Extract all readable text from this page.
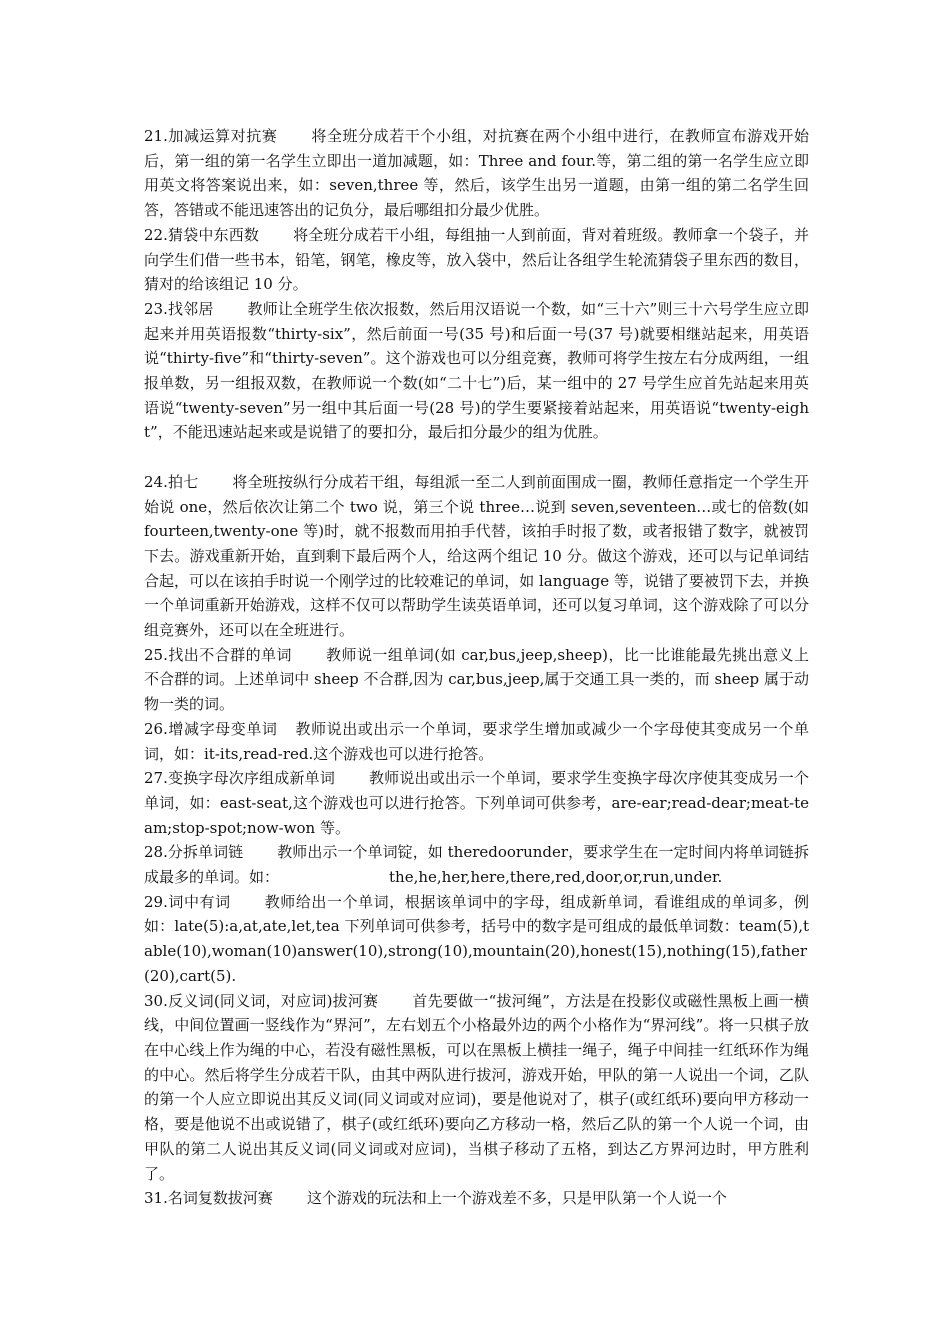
21.加减运算对抗赛 将全班分成若干个小组，对抗赛在两个小组中进行，在教师宣布游戏开始后，第一组的第一名学生立即出一道加减题，如：Three and four.等，第二组的第一名学生应立即用英文将答案说出来，如：seven,three 等，然后，该学生出另一道题，由第一组的第二名学生回答，答错或不能迅速答出的记负分，最后哪组扣分最少优胜。

22.猜袋中东西数 将全班分成若干小组，每组抽一人到前面，背对着班级。教师拿一个袋子，并向学生们借一些书本，铅笔，钢笔，橡皮等，放入袋中，然后让各组学生轮流猜袋子里东西的数目，猜对的给该组记 10 分。

23.找邻居 教师让全班学生依次报数，然后用汉语说一个数，如“三十六”则三十六号学生应立即起来并用英语报数“thirty-six”，然后前面一号(35 号)和后面一号(37 号)就要相继站起来，用英语说“thirty-five”和“thirty-seven”。这个游戏也可以分组竞赛，教师可将学生按左右分成两组，一组报单数，另一组报双数，在教师说一个数(如“二十七”)后，某一组中的 27 号学生应首先站起来用英语说“twenty-seven”另一组中其后面一号(28 号)的学生要紧接着站起来，用英语说“twenty-eight”，不能迅速站起来或是说错了的要扣分，最后扣分最少的组为优胜。

24.拍七 将全班按纵行分成若干组，每组派一至二人到前面围成一圈，教师任意指定一个学生开始说 one，然后依次让第二个 two 说，第三个说 three…说到 seven,seventeen…或七的倍数(如 fourteen,twenty-one 等)时，就不报数而用拍手代替，该拍手时报了数，或者报错了数字，就被罚下去。游戏重新开始，直到剩下最后两个人，给这两个组记 10 分。做这个游戏，还可以与记单词结合起，可以在该拍手时说一个刚学过的比较难记的单词，如 language 等，说错了要被罚下去，并换一个单词重新开始游戏，这样不仅可以帮助学生读英语单词，还可以复习单词，这个游戏除了可以分组竞赛外，还可以在全班进行。

25.找出不合群的单词 教师说一组单词(如 car,bus,jeep,sheep)，比一比谁能最先挑出意义上不合群的词。上述单词中 sheep 不合群,因为 car,bus,jeep,属于交通工具一类的，而 sheep 属于动物一类的词。

26.增减字母变单词 教师说出或出示一个单词，要求学生增加或减少一个字母使其变成另一个单词，如：it-its,read-red.这个游戏也可以进行抢答。

27.变换字母次序组成新单词 教师说出或出示一个单词，要求学生变换字母次序使其变成另一个单词，如：east-seat,这个游戏也可以进行抢答。下列单词可供参考，are-ear;read-dear;meat-team;stop-spot;now-won 等。

28.分拆单词链 教师出示一个单词锭，如 theredoorunder，要求学生在一定时间内将单词链拆成最多的单词。如：	the,he,her,here,there,red,door,or,run,under.

29.词中有词 教师给出一个单词，根据该单词中的字母，组成新单词，看谁组成的单词多，例如：late(5):a,at,ate,let,tea 下列单词可供参考，括号中的数字是可组成的最低单词数：team(5),table(10),woman(10)answer(10),strong(10),mountain(20),honest(15),nothing(15),father(20),cart(5).

30.反义词(同义词，对应词)拔河赛 首先要做一“拔河绳”，方法是在投影仪或磁性黑板上画一横线，中间位置画一竖线作为“界河”，左右划五个小格最外边的两个小格作为“界河线”。将一只棋子放在中心线上作为绳的中心，若没有磁性黑板，可以在黑板上横挂一绳子，绳子中间挂一红纸环作为绳的中心。然后将学生分成若干队，由其中两队进行拔河，游戏开始，甲队的第一人说出一个词，乙队的第一个人应立即说出其反义词(同义词或对应词)，要是他说对了，棋子(或红纸环)要向甲方移动一格，要是他说不出或说错了，棋子(或红纸环)要向乙方移动一格，然后乙队的第一个人说一个词，由甲队的第二人说出其反义词(同义词或对应词)，当棋子移动了五格，到达乙方界河边时，甲方胜利了。

31.名词复数拔河赛 这个游戏的玩法和上一个游戏差不多，只是甲队第一个人说一个
